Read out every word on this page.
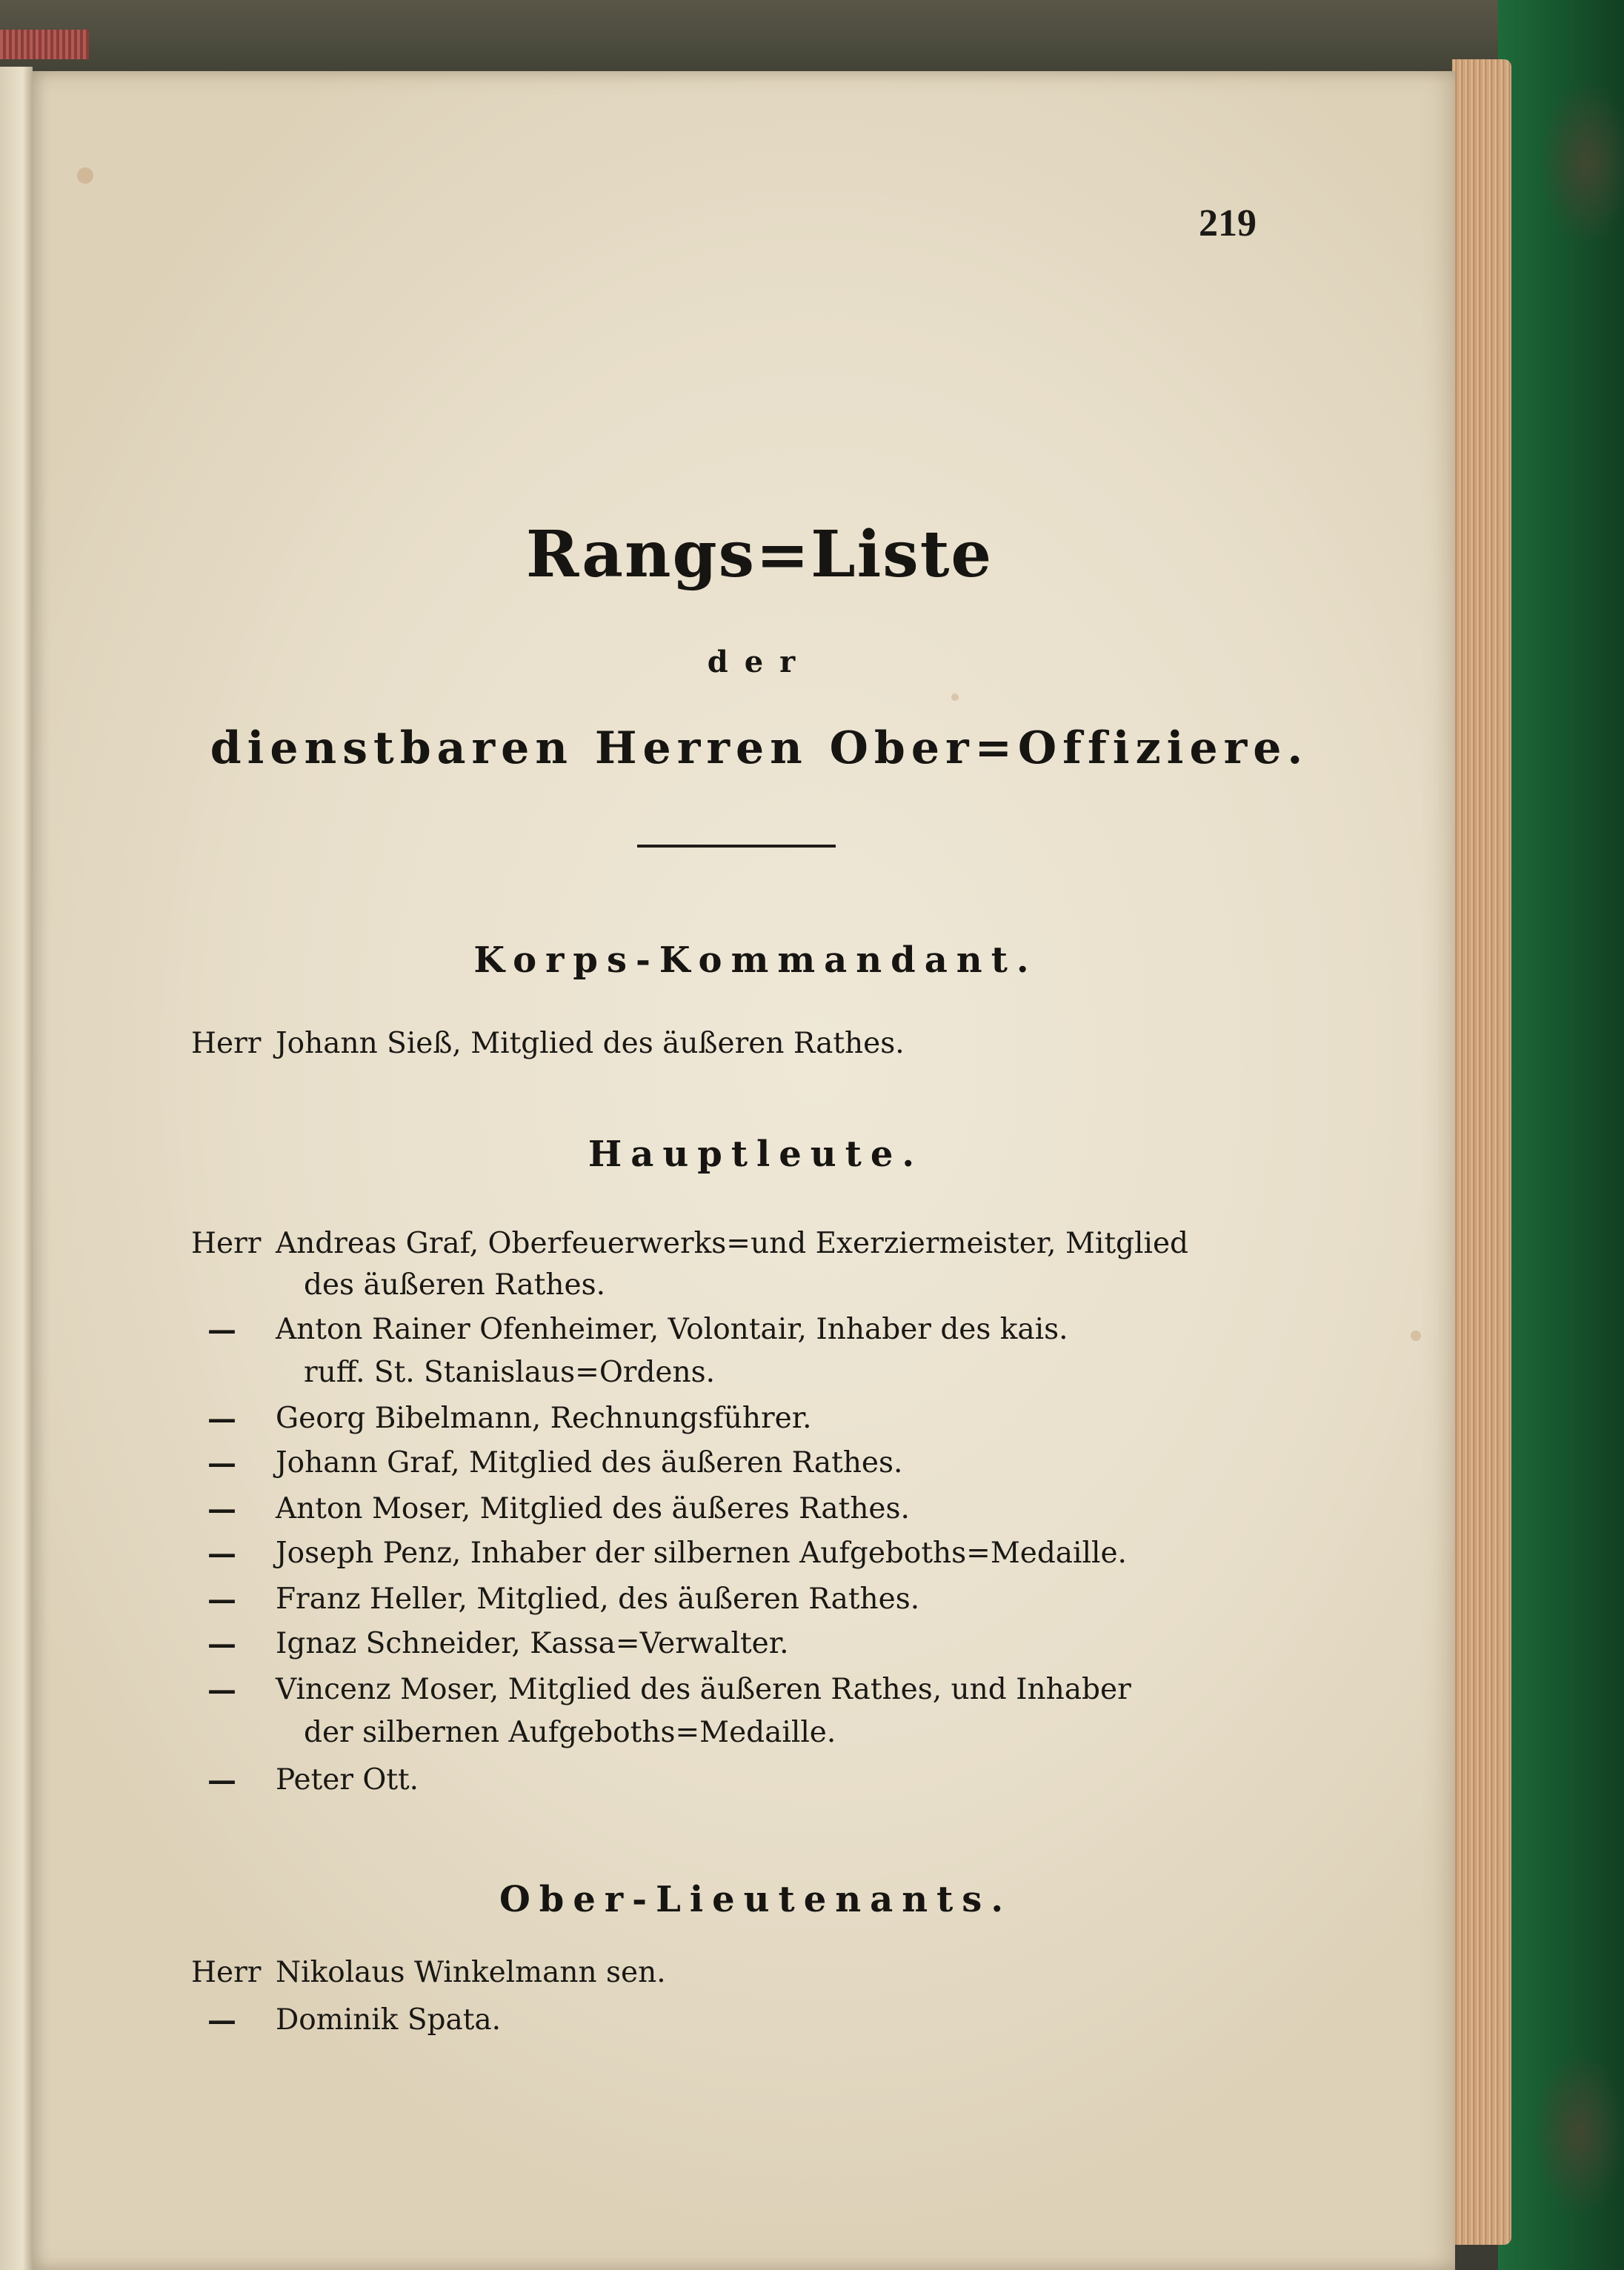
219
Rangs=Liste
der
dienstbaren Herren Ober=Offiziere.
Korps-Kommandant.
Herr Johann Sieß, Mitglied des äußeren Rathes.
Hauptleute.
Herr Andreas Graf, Oberfeuerwerks=und Exerziermeister, Mitglied
des äußeren Rathes.
—	Anton Rainer Ofenheimer, Volontair, Inhaber des kais.
ruff. St. Stanislaus=Ordens.
—	Georg Bibelmann, Rechnungsführer.
—	Johann Graf, Mitglied des äußeren Rathes.
—	Anton Moser, Mitglied des äußeres Rathes.
—	Joseph Penz, Inhaber der silbernen Aufgeboths=Medaille.
—	Franz Heller, Mitglied, des äußeren Rathes.
—	Ignaz Schneider, Kassa=Verwalter.
—	Vincenz Moser, Mitglied des äußeren Rathes, und Inhaber
der silbernen Aufgeboths=Medaille.
—	Peter Ott.
Ober-Lieutenants.
Herr Nikolaus Winkelmann sen.
—	Dominik Spata.
